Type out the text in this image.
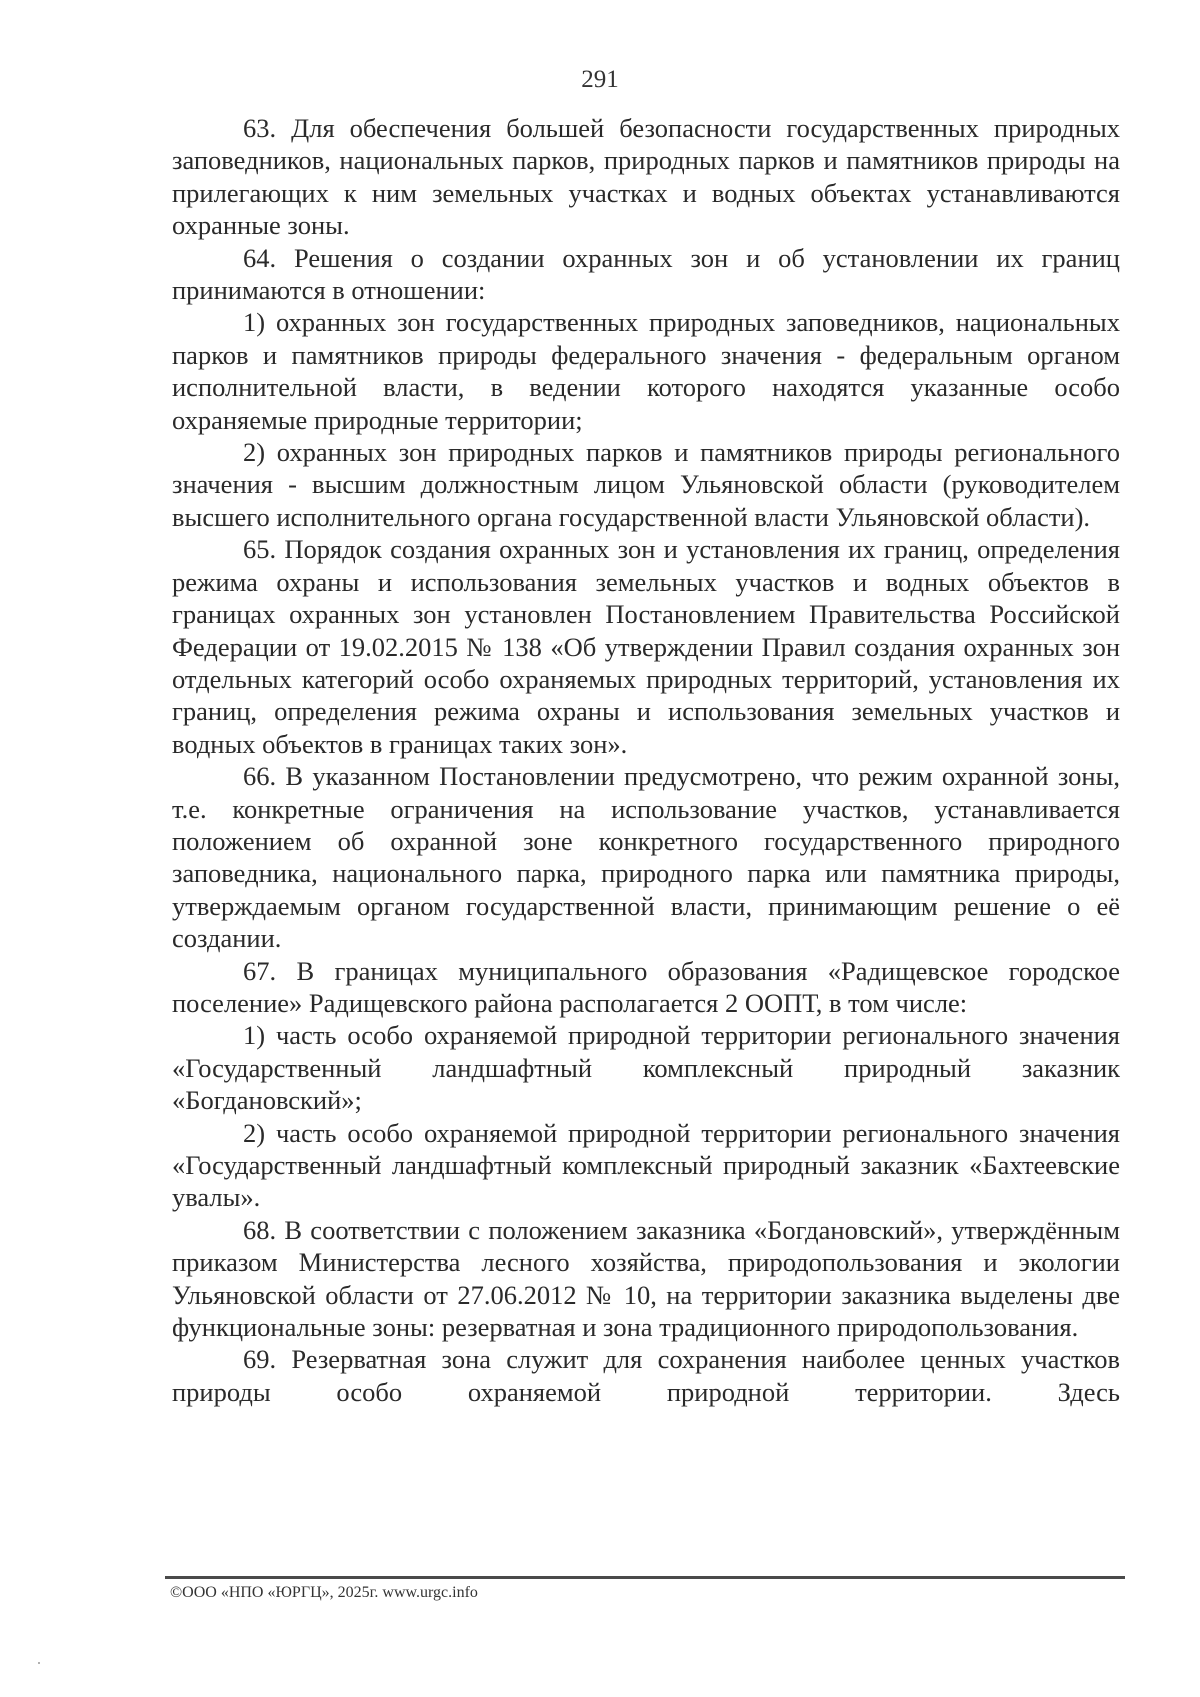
291

63. Для обеспечения большей безопасности государственных природных заповедников, национальных парков, природных парков и памятников природы на прилегающих к ним земельных участках и водных объектах устанавливаются охранные зоны.

64. Решения о создании охранных зон и об установлении их границ принимаются в отношении:

1) охранных зон государственных природных заповедников, национальных парков и памятников природы федерального значения - федеральным органом исполнительной власти, в ведении которого находятся указанные особо охраняемые природные территории;

2) охранных зон природных парков и памятников природы регионального значения - высшим должностным лицом Ульяновской области (руководителем высшего исполнительного органа государственной власти Ульяновской области).

65. Порядок создания охранных зон и установления их границ, определения режима охраны и использования земельных участков и водных объектов в границах охранных зон установлен Постановлением Правительства Российской Федерации от 19.02.2015 № 138 «Об утверждении Правил создания охранных зон отдельных категорий особо охраняемых природных территорий, установления их границ, определения режима охраны и использования земельных участков и водных объектов в границах таких зон».

66. В указанном Постановлении предусмотрено, что режим охранной зоны, т.е. конкретные ограничения на использование участков, устанавливается положением об охранной зоне конкретного государственного природного заповедника, национального парка, природного парка или памятника природы, утверждаемым органом государственной власти, принимающим решение о её создании.

67. В границах муниципального образования «Радищевское городское поселение» Радищевского района располагается 2 ООПТ, в том числе:

1) часть особо охраняемой природной территории регионального значения «Государственный ландшафтный комплексный природный заказник «Богдановский»;

2) часть особо охраняемой природной территории регионального значения «Государственный ландшафтный комплексный природный заказник «Бахтеевские увалы».

68. В соответствии с положением заказника «Богдановский», утверждённым приказом Министерства лесного хозяйства, природопользования и экологии Ульяновской области от 27.06.2012 № 10, на территории заказника выделены две функциональные зоны: резерватная и зона традиционного природопользования.

69. Резерватная зона служит для сохранения наиболее ценных участков природы особо охраняемой природной территории. Здесь

©ООО «НПО «ЮРГЦ», 2025г. www.urgc.info
